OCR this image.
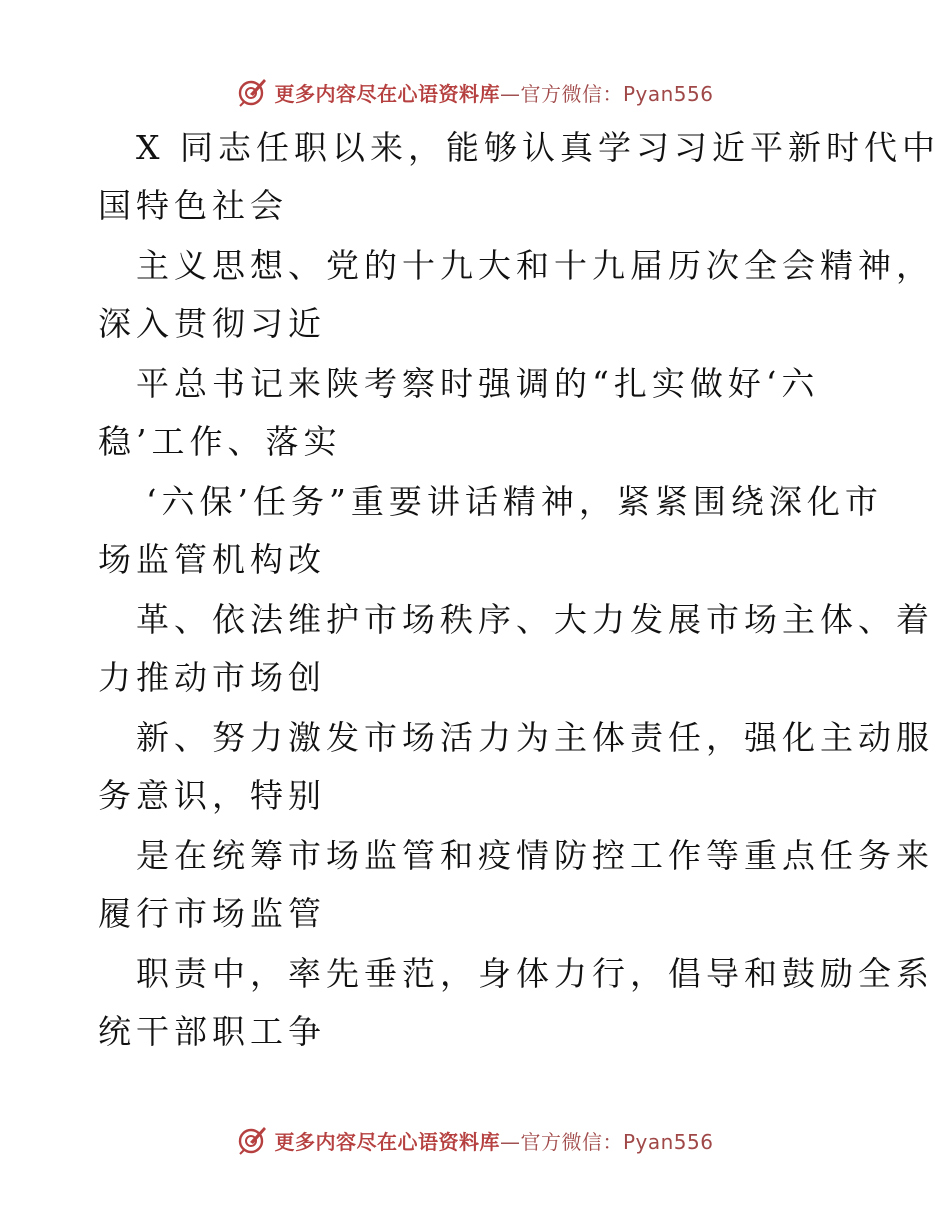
更多内容尽在心语资料库—官方微信：Pyan556
X 同志任职以来，能够认真学习习近平新时代中
国特色社会
主义思想、党的十九大和十九届历次全会精神，
深入贯彻习近
平总书记来陕考察时强调的“扎实做好‘六
稳’工作、落实
‘六保’任务”重要讲话精神，紧紧围绕深化市
场监管机构改
革、依法维护市场秩序、大力发展市场主体、着
力推动市场创
新、努力激发市场活力为主体责任，强化主动服
务意识，特别
是在统筹市场监管和疫情防控工作等重点任务来
履行市场监管
职责中，率先垂范，身体力行，倡导和鼓励全系
统干部职工争
更多内容尽在心语资料库—官方微信：Pyan556
